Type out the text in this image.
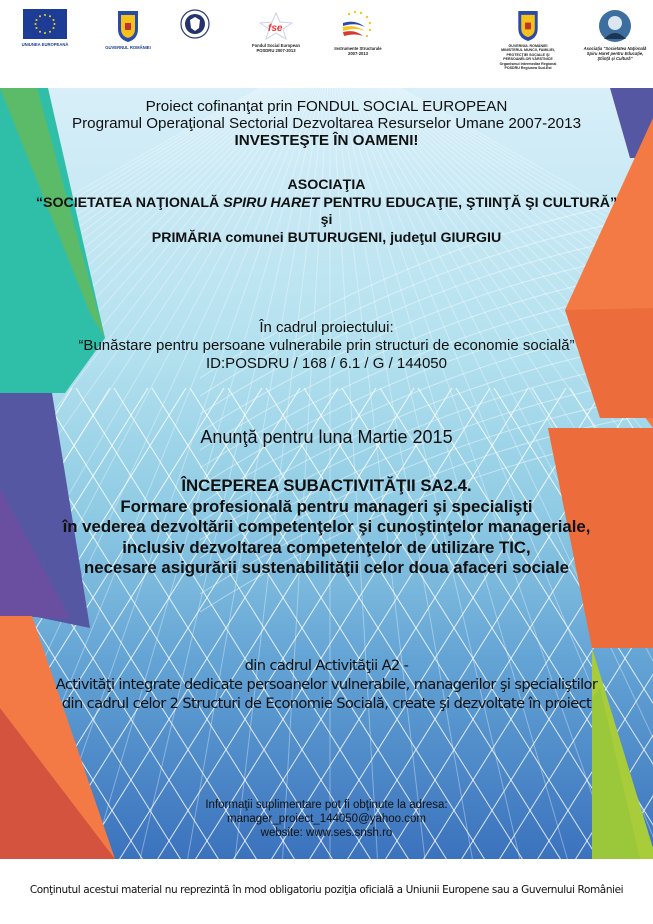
UNIUNEA EUROPEANĂ
GUVERNUL ROMÂNIEI
fse
Fondul Social European
POSDRU 2007-2013	Instrumente Structurale
2007-2013
GUVERNUL ROMÂNIEI
MINISTERUL MUNCII, FAMILIEI,
PROTECŢIEI SOCIALE ŞI
PERSOANELOR VÂRSTNICE
Organismul Intermediar Regional
POSDRU Regiunea Sud-Est
Asociaţia "Societatea Naţională
Spiru Haret pentru Educaţie,
Ştiinţă şi Cultură"
Proiect cofinanţat prin FONDUL SOCIAL EUROPEAN
Programul Operaţional Sectorial Dezvoltarea Resurselor Umane 2007-2013
INVESTEŞTE ÎN OAMENI!
ASOCIAŢIA
“SOCIETATEA NAŢIONALĂ SPIRU HARET PENTRU EDUCAŢIE, ŞTIINŢĂ ŞI CULTURĂ”
şi
PRIMĂRIA comunei BUTURUGENI, judeţul GIURGIU
În cadrul proiectului:
“Bunăstare pentru persoane vulnerabile prin structuri de economie socială”
ID:POSDRU / 168 / 6.1 / G / 144050
Anunţă pentru luna Martie 2015
ÎNCEPEREA SUBACTIVITĂŢII SA2.4.
Formare profesională pentru manageri şi specialişti
în vederea dezvoltării competenţelor şi cunoştinţelor manageriale,
inclusiv dezvoltarea competenţelor de utilizare TIC,
necesare asigurării sustenabilităţii celor doua afaceri sociale
din cadrul Activităţii A2 -
Activităţi integrate dedicate persoanelor vulnerabile, managerilor şi specialiştilor
din cadrul celor 2 Structuri de Economie Socială, create şi dezvoltate în proiect
Informaţii suplimentare pot fi obţinute la adresa:
manager_proiect_144050@yahoo.com
website: www.ses.snsh.ro
Conţinutul acestui material nu reprezintă în mod obligatoriu poziţia oficială a Uniunii Europene sau a Guvernului României
